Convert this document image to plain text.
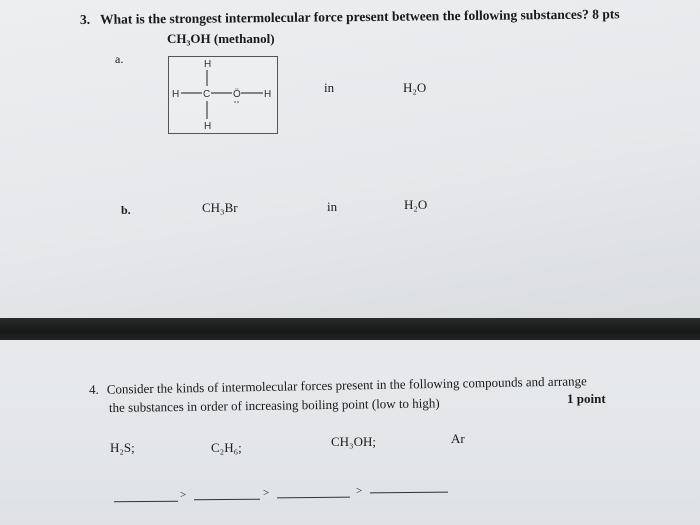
3. What is the strongest intermolecular force present between the following substances? 8 pts
CH₃OH (methanol)
a.	H
H C Ö H
H
in	H₂O
b.	CH₃Br	in	H₂O
4. Consider the kinds of intermolecular forces present in the following compounds and arrange
the substances in order of increasing boiling point (low to high)	1 point
H₂S;	C₂H₆;	CH₃OH;	Ar
>	>	>
